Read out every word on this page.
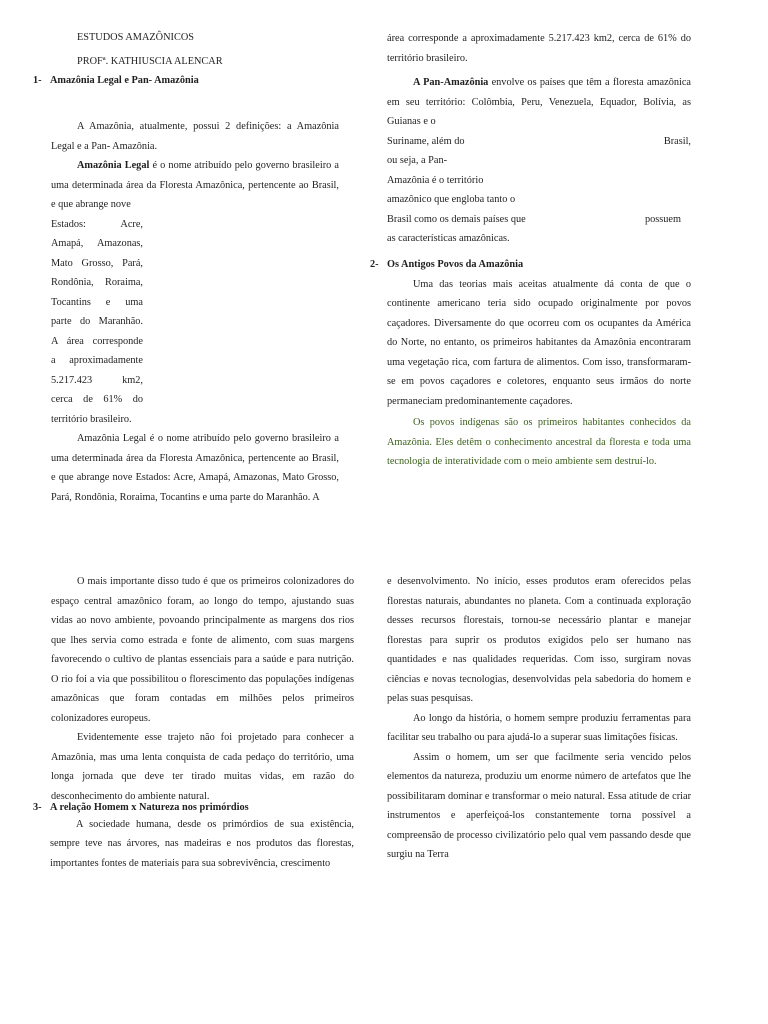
ESTUDOS AMAZÔNICOS

PROFª. KATHIUSCIA ALENCAR

1- Amazônia Legal e Pan- Amazônia

A Amazônia, atualmente, possui 2 definições: a Amazônia Legal e a Pan- Amazônia.

Amazônia Legal é o nome atribuído pelo governo brasileiro a uma determinada área da Floresta Amazônica, pertencente ao Brasil, e que abrange nove

Estados: Acre,
Amapá, Amazonas,
Mato Grosso, Pará,
Rondônia, Roraima,
Tocantins e uma
parte do Maranhão.
A área corresponde
a aproximadamente
5.217.423 km2,
cerca de 61% do
território brasileiro.

Amazônia Legal é o nome atribuído pelo governo brasileiro a uma determinada área da Floresta Amazônica, pertencente ao Brasil, e que abrange nove Estados: Acre, Amapá, Amazonas, Mato Grosso, Pará, Rondônia, Roraima, Tocantins e uma parte do Maranhão. A

área corresponde a aproximadamente 5.217.423 km2, cerca de 61% do território brasileiro.

A Pan-Amazônia envolve os países que têm a floresta amazônica em seu território: Colômbia, Peru, Venezuela, Equador, Bolívia, as Guianas e o

Suriname, além do	Brasil,
ou seja, a Pan-
Amazônia é o território
amazônico que engloba tanto o
Brasil como os demais países que	possuem
as características amazônicas.

2- Os Antigos Povos da Amazônia

Uma das teorias mais aceitas atualmente dá conta de que o continente americano teria sido ocupado originalmente por povos caçadores. Diversamente do que ocorreu com os ocupantes da América do Norte, no entanto, os primeiros habitantes da Amazônia encontraram uma vegetação rica, com fartura de alimentos. Com isso, transformaram-se em povos caçadores e coletores, enquanto seus irmãos do norte permaneciam predominantemente caçadores.

Os povos indígenas são os primeiros habitantes conhecidos da Amazônia. Eles detêm o conhecimento ancestral da floresta e toda uma tecnologia de interatividade com o meio ambiente sem destruí-lo.

O mais importante disso tudo é que os primeiros colonizadores do espaço central amazônico foram, ao longo do tempo, ajustando suas vidas ao novo ambiente, povoando principalmente as margens dos rios que lhes servia como estrada e fonte de alimento, com suas margens favorecendo o cultivo de plantas essenciais para a saúde e para nutrição. O rio foi a via que possibilitou o florescimento das populações indígenas amazônicas que foram contadas em milhões pelos primeiros colonizadores europeus.

Evidentemente esse trajeto não foi projetado para conhecer a Amazônia, mas uma lenta conquista de cada pedaço do território, uma longa jornada que deve ter tirado muitas vidas, em razão do desconhecimento do ambiente natural.

3- A relação Homem x Natureza nos primórdios

A sociedade humana, desde os primórdios de sua existência, sempre teve nas árvores, nas madeiras e nos produtos das florestas, importantes fontes de materiais para sua sobrevivência, crescimento

e desenvolvimento. No início, esses produtos eram oferecidos pelas florestas naturais, abundantes no planeta. Com a continuada exploração desses recursos florestais, tornou-se necessário plantar e manejar florestas para suprir os produtos exigidos pelo ser humano nas quantidades e nas qualidades requeridas. Com isso, surgiram novas ciências e novas tecnologias, desenvolvidas pela sabedoria do homem e pelas suas pesquisas.

Ao longo da história, o homem sempre produziu ferramentas para facilitar seu trabalho ou para ajudá-lo a superar suas limitações físicas.

Assim o homem, um ser que facilmente seria vencido pelos elementos da natureza, produziu um enorme número de artefatos que lhe possibilitaram dominar e transformar o meio natural. Essa atitude de criar instrumentos e aperfeiçoá-los constantemente torna possível a compreensão de processo civilizatório pelo qual vem passando desde que surgiu na Terra
